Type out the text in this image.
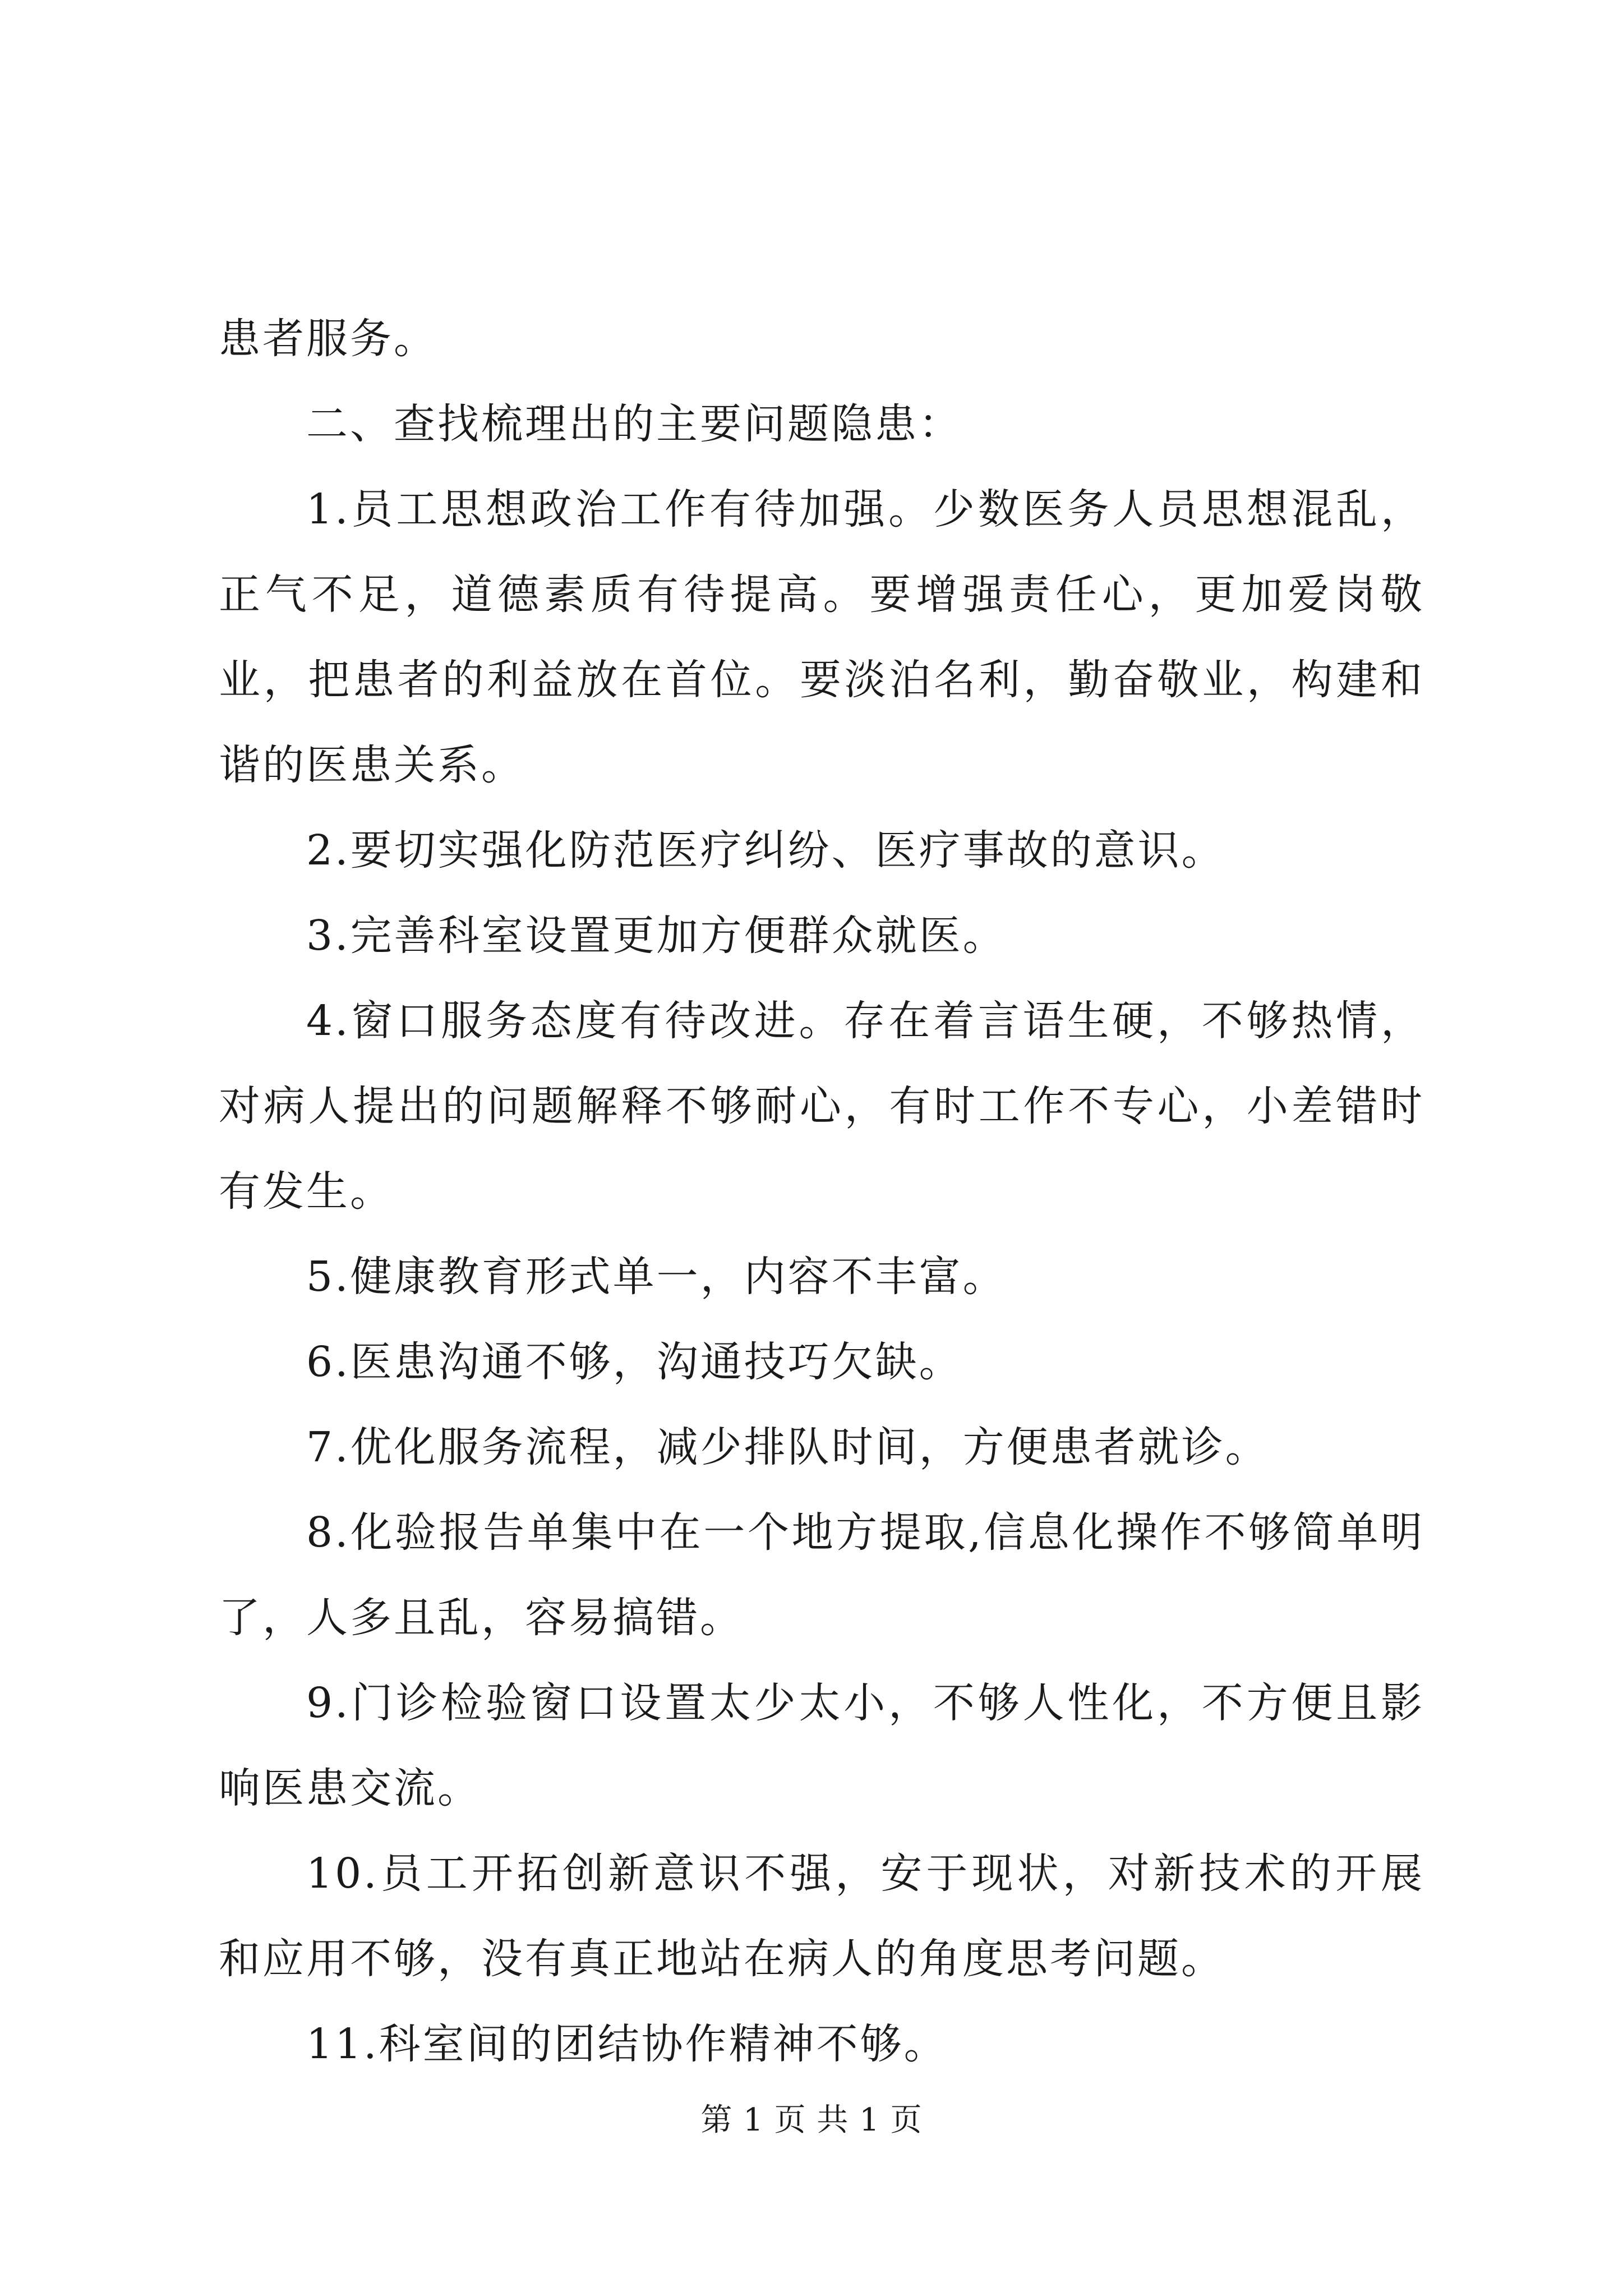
患者服务。

二、查找梳理出的主要问题隐患：

1.员工思想政治工作有待加强。少数医务人员思想混乱，正气不足，道德素质有待提高。要增强责任心，更加爱岗敬业，把患者的利益放在首位。要淡泊名利，勤奋敬业，构建和谐的医患关系。

2.要切实强化防范医疗纠纷、医疗事故的意识。

3.完善科室设置更加方便群众就医。

4.窗口服务态度有待改进。存在着言语生硬，不够热情，对病人提出的问题解释不够耐心，有时工作不专心，小差错时有发生。

5.健康教育形式单一，内容不丰富。

6.医患沟通不够，沟通技巧欠缺。

7.优化服务流程，减少排队时间，方便患者就诊。

8.化验报告单集中在一个地方提取,信息化操作不够简单明了，人多且乱，容易搞错。

9.门诊检验窗口设置太少太小，不够人性化，不方便且影响医患交流。

10.员工开拓创新意识不强，安于现状，对新技术的开展和应用不够，没有真正地站在病人的角度思考问题。

11.科室间的团结协作精神不够。

第 1 页 共 1 页
